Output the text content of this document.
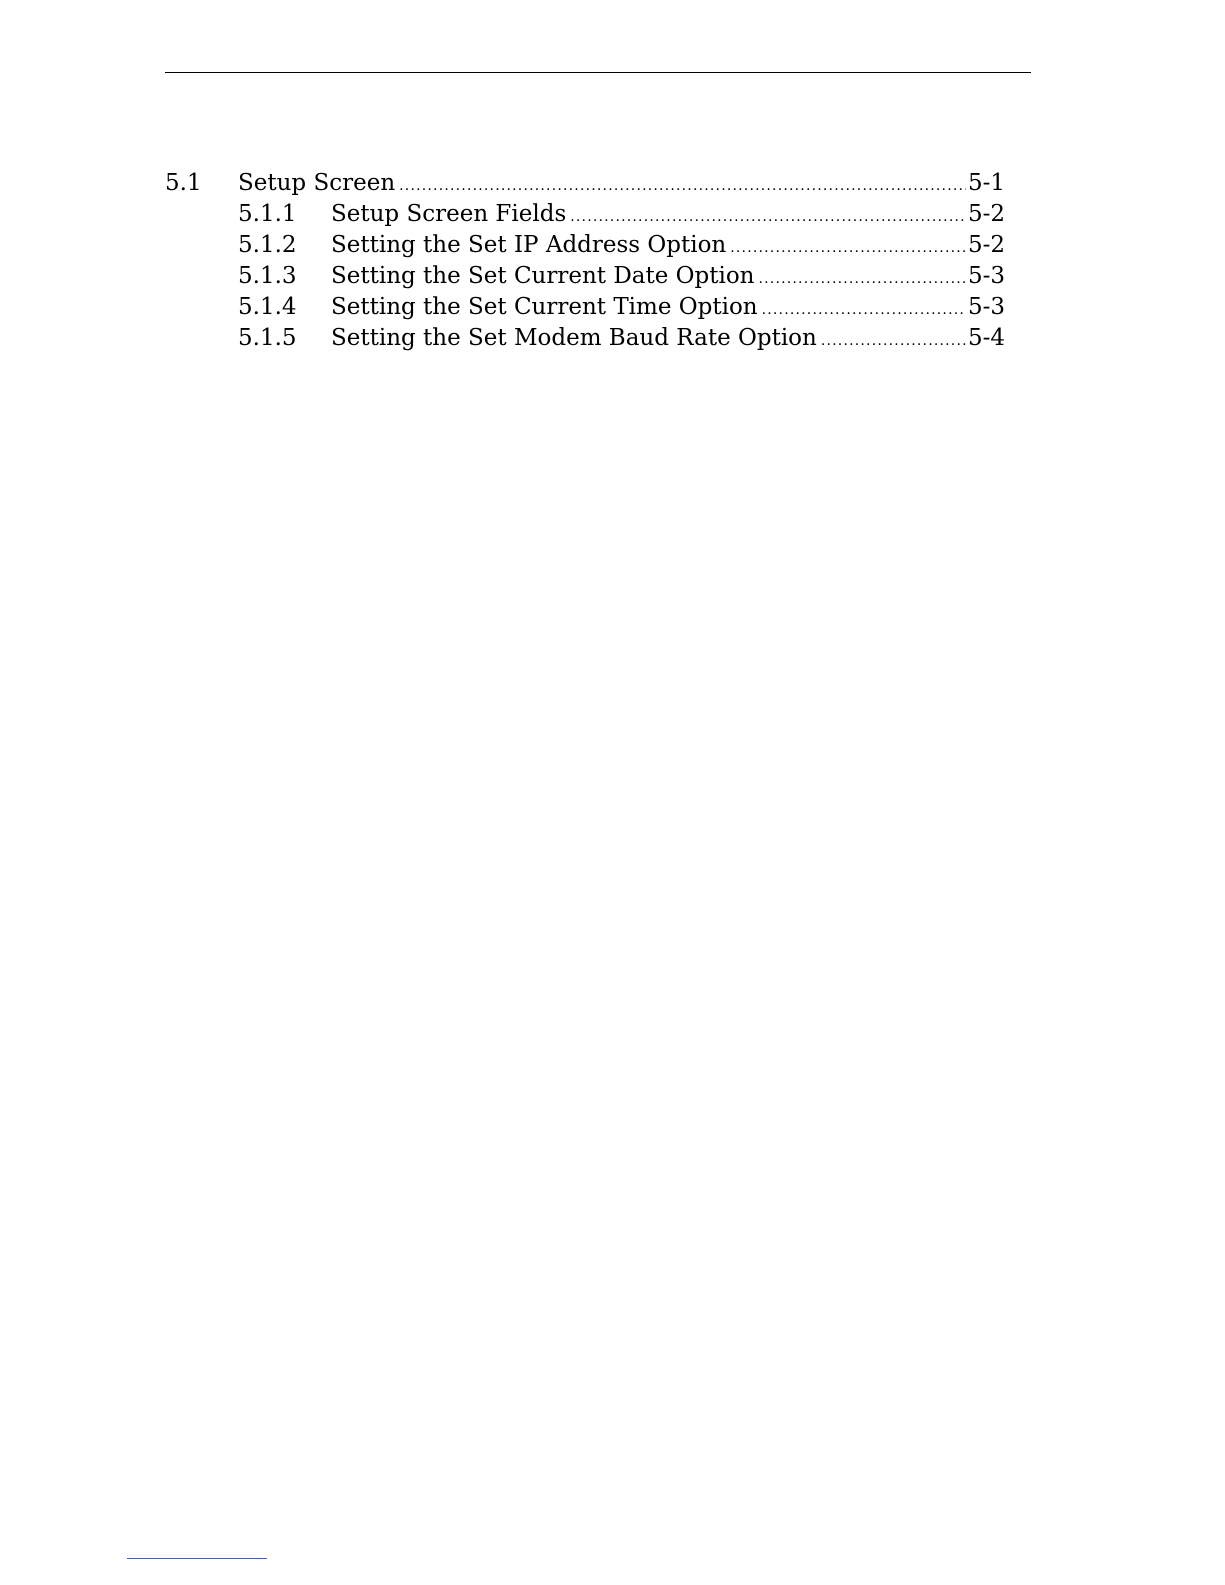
5.1 Setup Screen .....	5-1
5.1.1 Setup Screen Fields .....	5-2
5.1.2 Setting the Set IP Address Option .....	5-2
5.1.3 Setting the Set Current Date Option .....	5-3
5.1.4 Setting the Set Current Time Option .....	5-3
5.1.5 Setting the Set Modem Baud Rate Option .....	5-4
